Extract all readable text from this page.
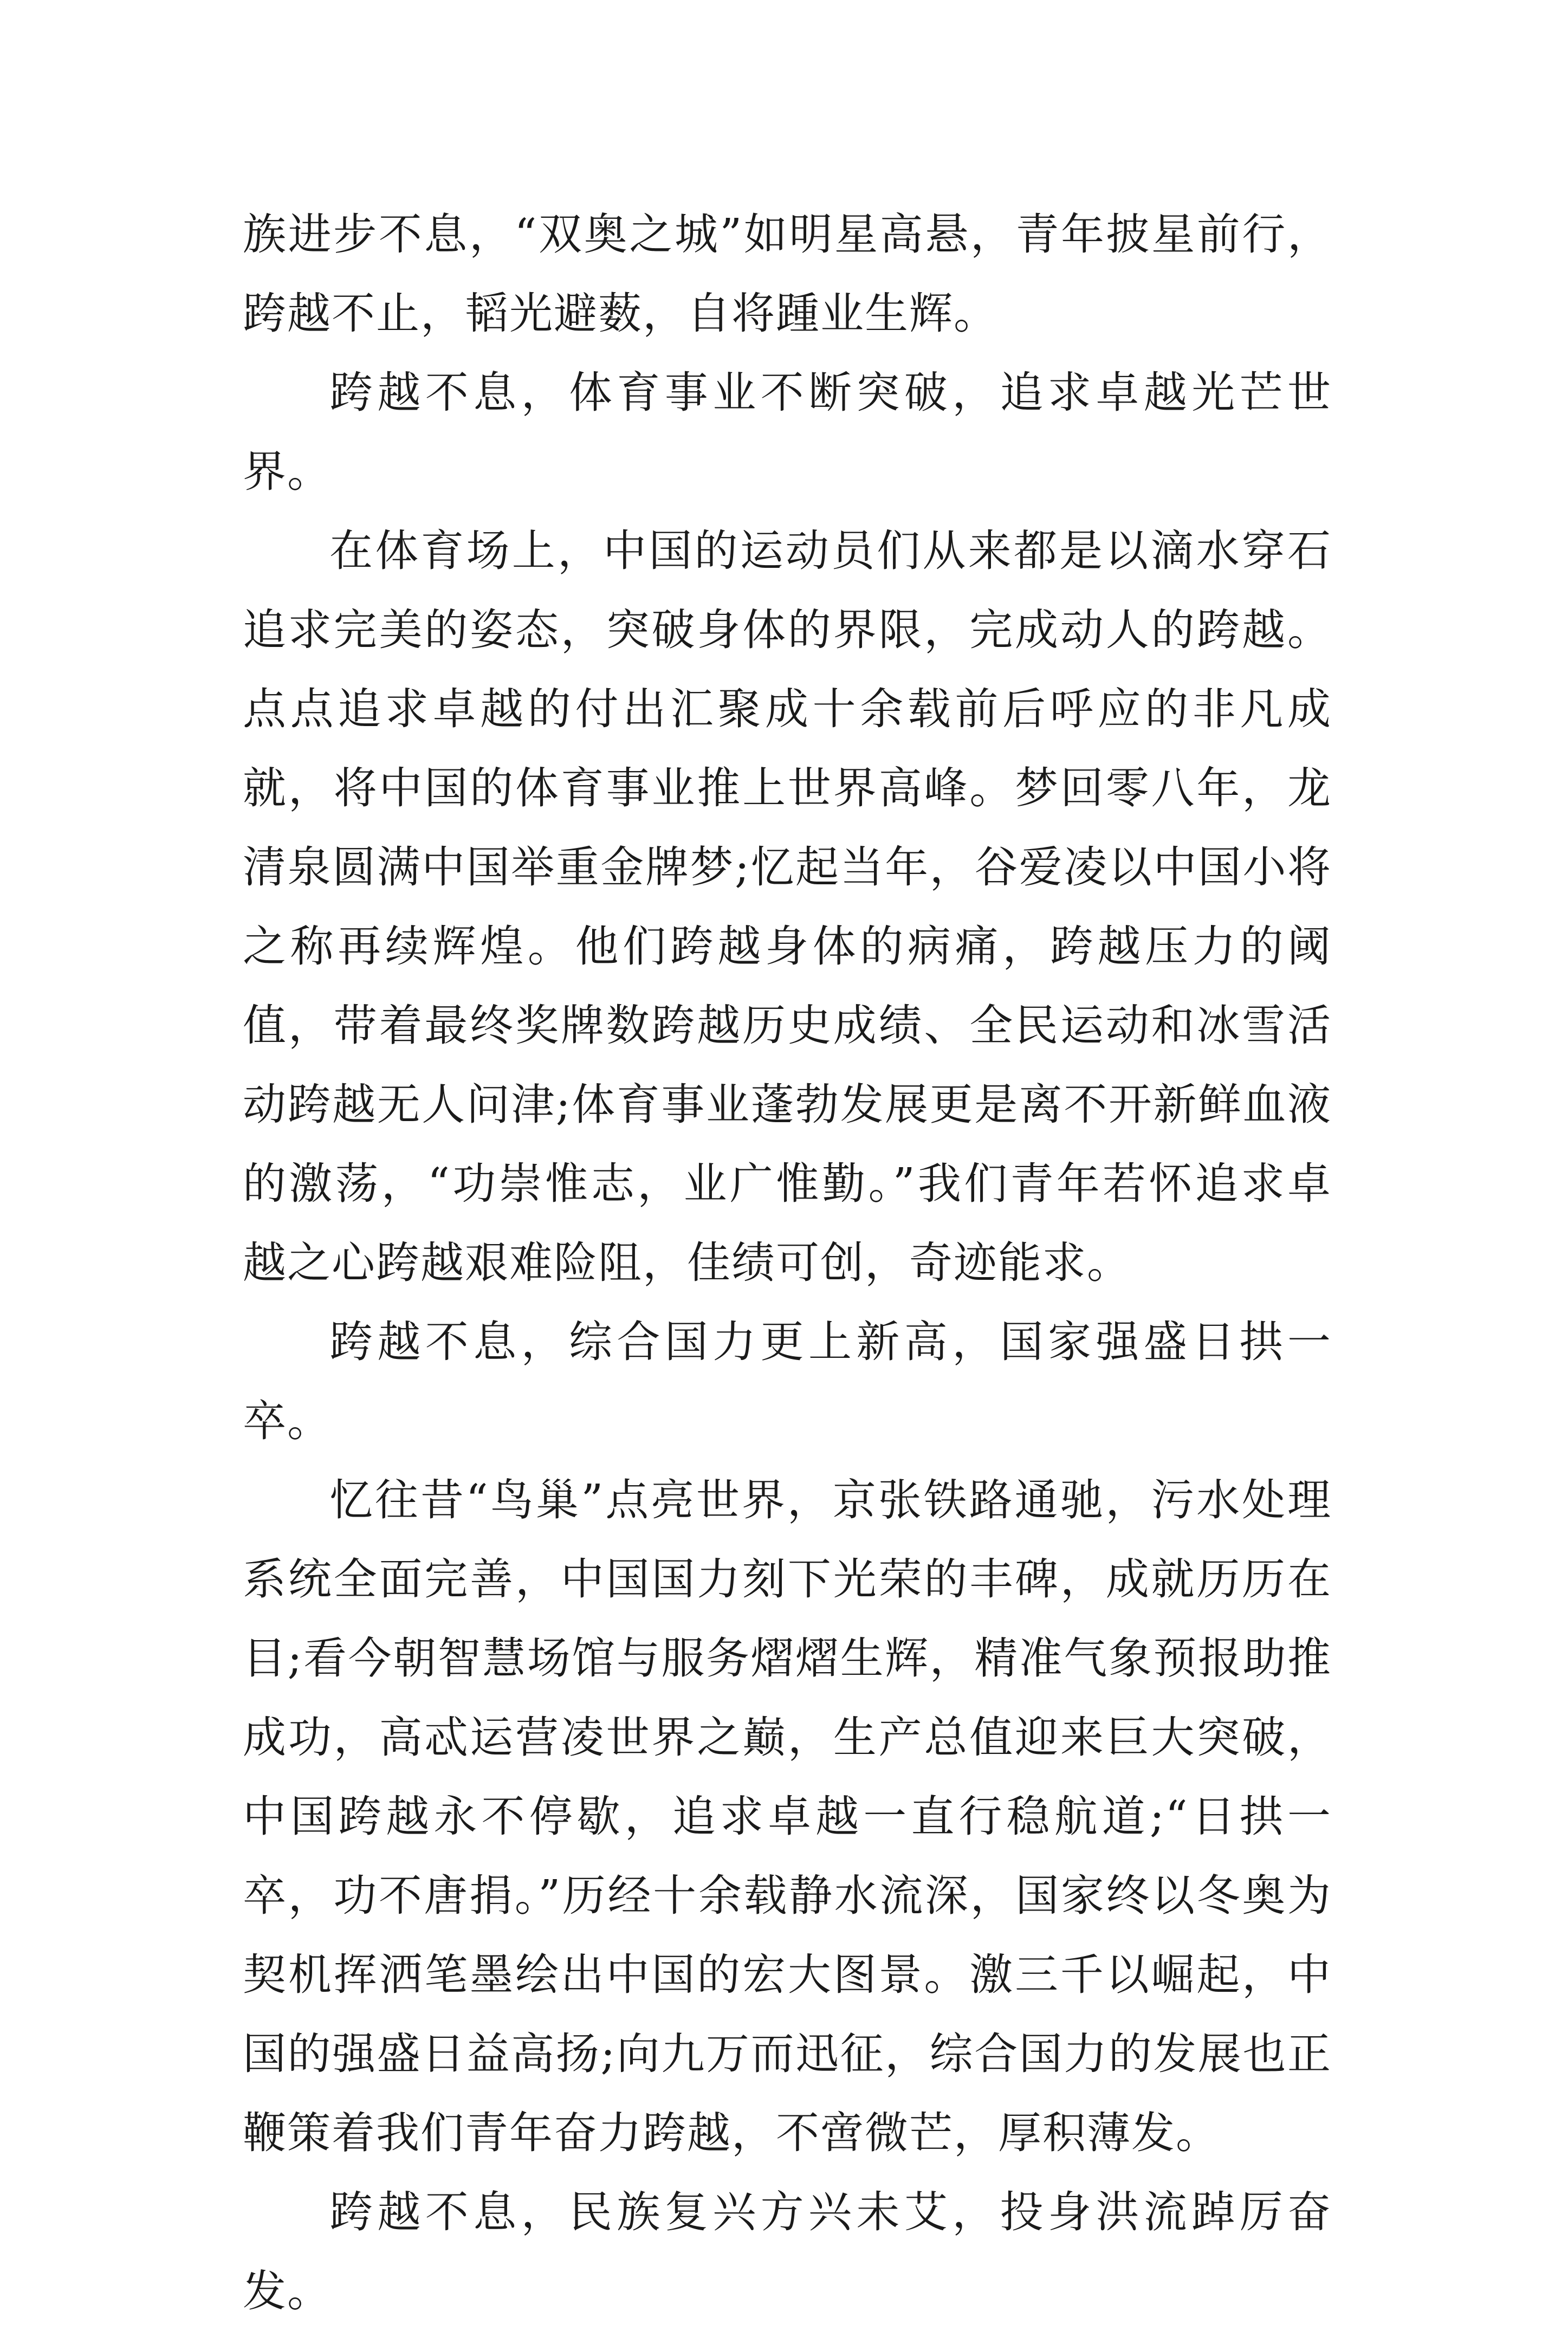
族进步不息，“双奥之城”如明星高悬，青年披星前行，跨越不止，韬光避薮，自将踵业生辉。

跨越不息，体育事业不断突破，追求卓越光芒世界。

在体育场上，中国的运动员们从来都是以滴水穿石追求完美的姿态，突破身体的界限，完成动人的跨越。点点追求卓越的付出汇聚成十余载前后呼应的非凡成就，将中国的体育事业推上世界高峰。梦回零八年，龙清泉圆满中国举重金牌梦;忆起当年，谷爱凌以中国小将之称再续辉煌。他们跨越身体的病痛，跨越压力的阈值，带着最终奖牌数跨越历史成绩、全民运动和冰雪活动跨越无人问津;体育事业蓬勃发展更是离不开新鲜血液的激荡，“功崇惟志，业广惟勤。”我们青年若怀追求卓越之心跨越艰难险阻，佳绩可创，奇迹能求。

跨越不息，综合国力更上新高，国家强盛日拱一卒。

忆往昔“鸟巢”点亮世界，京张铁路通驰，污水处理系统全面完善，中国国力刻下光荣的丰碑，成就历历在目;看今朝智慧场馆与服务熠熠生辉，精准气象预报助推成功，高忒运营凌世界之巅，生产总值迎来巨大突破，中国跨越永不停歇，追求卓越一直行稳航道;“日拱一卒，功不唐捐。”历经十余载静水流深，国家终以冬奥为契机挥洒笔墨绘出中国的宏大图景。激三千以崛起，中国的强盛日益高扬;向九万而迅征，综合国力的发展也正鞭策着我们青年奋力跨越，不啻微芒，厚积薄发。

跨越不息，民族复兴方兴未艾，投身洪流踔厉奋发。
